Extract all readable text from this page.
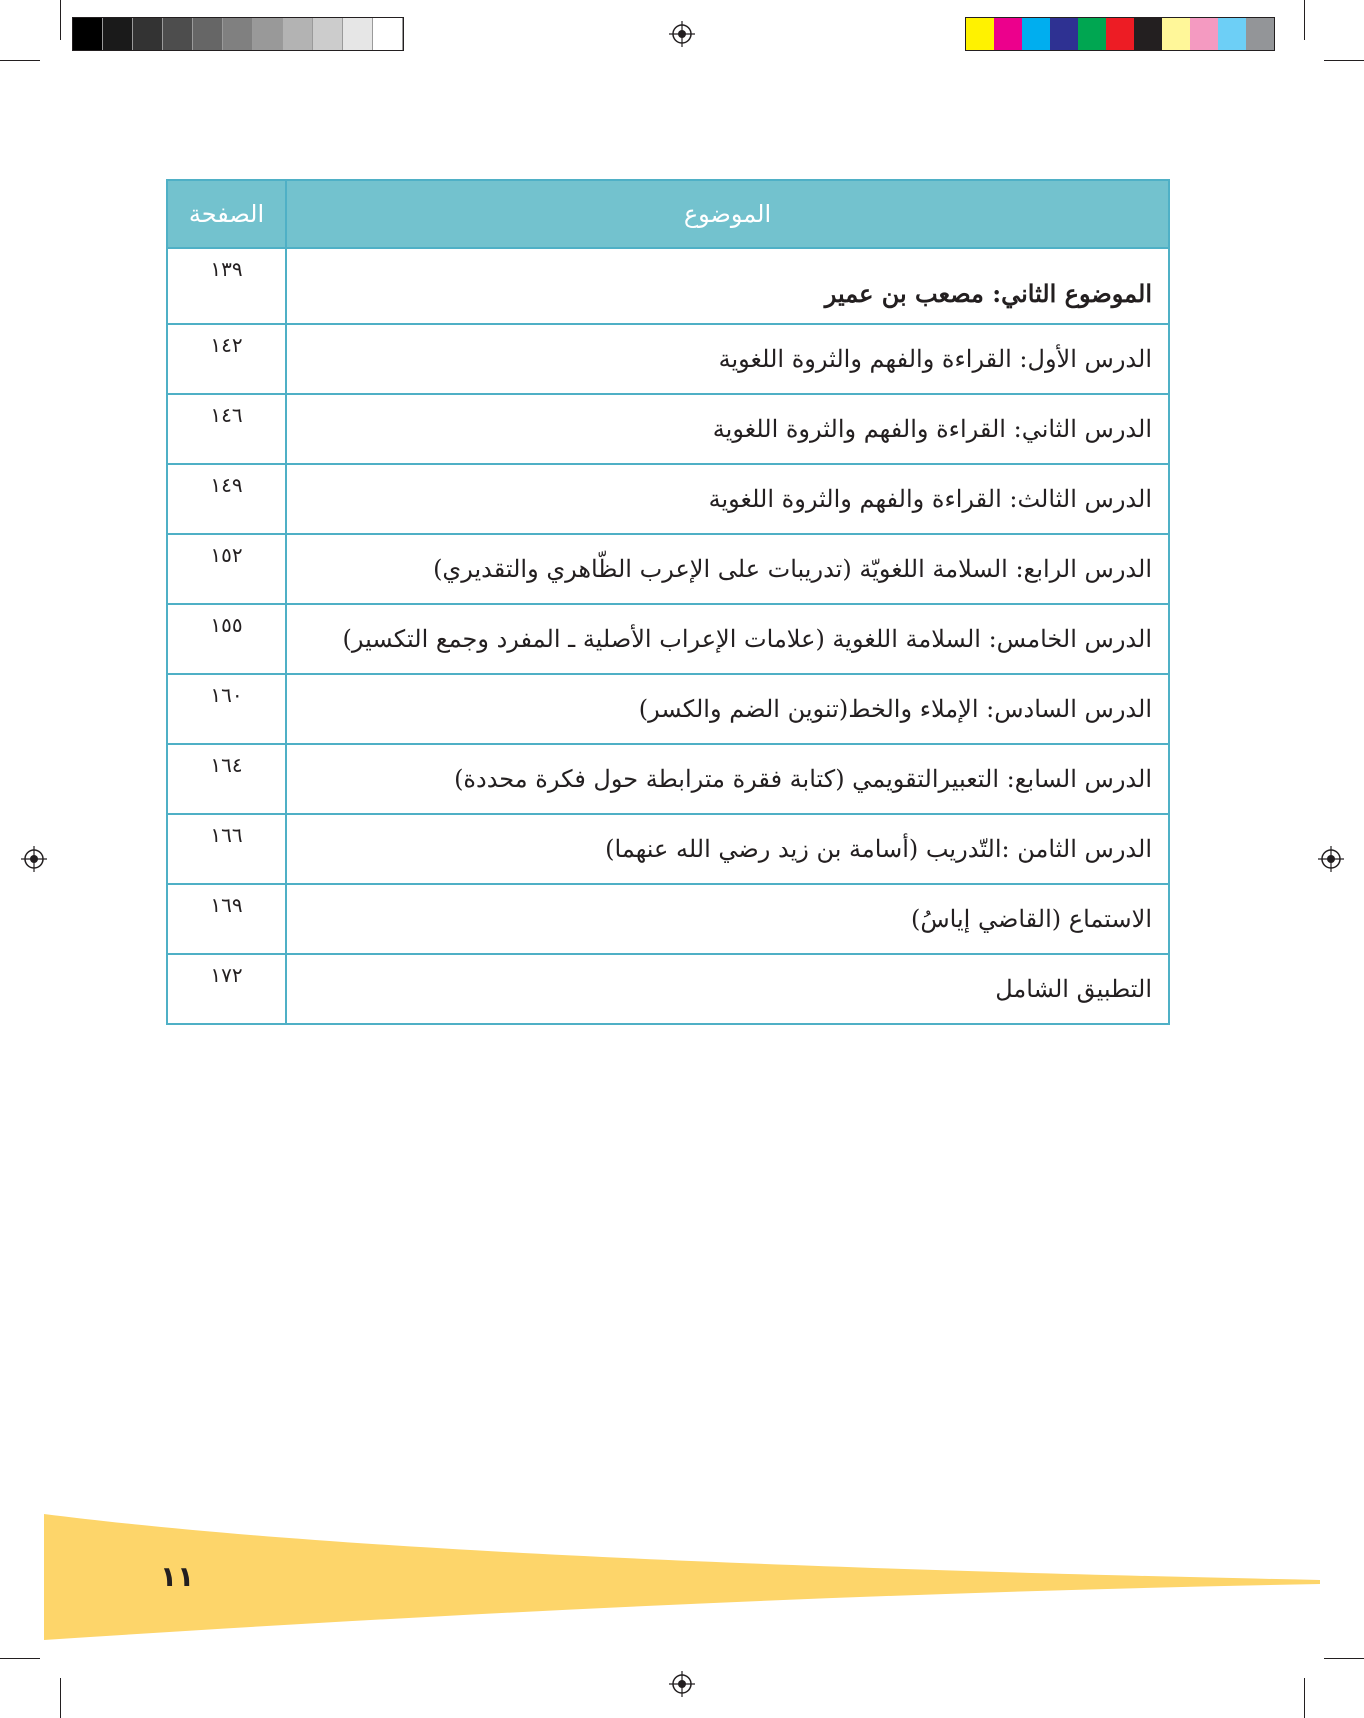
الموضوع	الصفحة
الموضوع الثاني: مصعب بن عمير	١٣٩
الدرس الأول: القراءة والفهم والثروة اللغوية	١٤٢
الدرس الثاني: القراءة والفهم والثروة اللغوية	١٤٦
الدرس الثالث: القراءة والفهم والثروة اللغوية	١٤٩
الدرس الرابع: السلامة اللغويّة (تدريبات على الإعرب الظّاهري والتقديري)	١٥٢
الدرس الخامس: السلامة اللغوية (علامات الإعراب الأصلية ـ المفرد وجمع التكسير)	١٥٥
الدرس السادس: الإملاء والخط(تنوين الضم والكسر)	١٦٠
الدرس السابع: التعبيرالتقويمي (كتابة فقرة مترابطة حول فكرة محددة)	١٦٤
الدرس الثامن :التّدريب (أسامة بن زيد رضي الله عنهما)	١٦٦
الاستماع (القاضي إياسُ)	١٦٩
التطبيق الشامل	١٧٢
١١
